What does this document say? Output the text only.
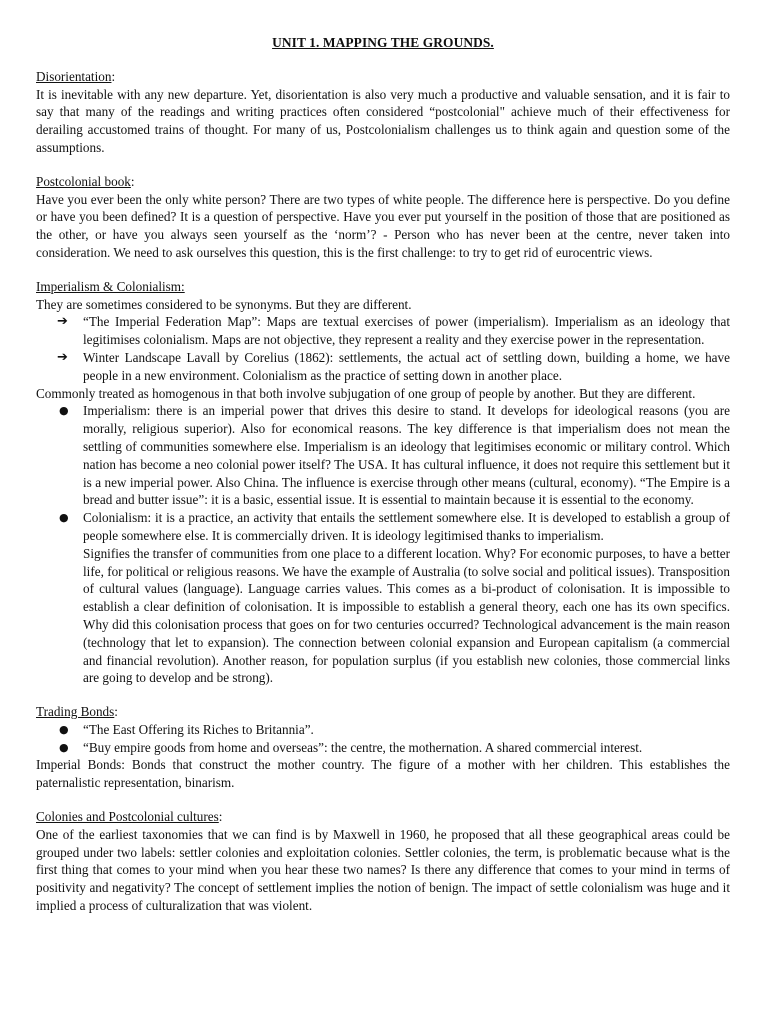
UNIT 1. MAPPING THE GROUNDS.
Disorientation:

It is inevitable with any new departure. Yet, disorientation is also very much a productive and valuable sensation, and it is fair to say that many of the readings and writing practices often considered “postcolonial" achieve much of their effectiveness for derailing accustomed trains of thought. For many of us, Postcolonialism challenges us to think again and question some of the assumptions.

Postcolonial book:

Have you ever been the only white person? There are two types of white people. The difference here is perspective. Do you define or have you been defined? It is a question of perspective. Have you ever put yourself in the position of those that are positioned as the other, or have you always seen yourself as the ‘norm’? - Person who has never been at the centre, never taken into consideration. We need to ask ourselves this question, this is the first challenge: to try to get rid of eurocentric views.

Imperialism & Colonialism:

They are sometimes considered to be synonyms. But they are different.

➔ “The Imperial Federation Map”: Maps are textual exercises of power (imperialism). Imperialism as an ideology that legitimises colonialism. Maps are not objective, they represent a reality and they exercise power in the representation.
➔ Winter Landscape Lavall by Corelius (1862): settlements, the actual act of settling down, building a home, we have people in a new environment. Colonialism as the practice of setting down in another place.

Commonly treated as homogenous in that both involve subjugation of one group of people by another. But they are different.

● Imperialism: there is an imperial power that drives this desire to stand. It develops for ideological reasons (you are morally, religious superior). Also for economical reasons. The key difference is that imperialism does not mean the settling of communities somewhere else. Imperialism is an ideology that legitimises economic or military control. Which nation has become a neo colonial power itself? The USA. It has cultural influence, it does not require this settlement but it is a new imperial power. Also China. The influence is exercise through other means (cultural, economy). “The Empire is a bread and butter issue”: it is a basic, essential issue. It is essential to maintain because it is essential to the economy.
● Colonialism: it is a practice, an activity that entails the settlement somewhere else. It is developed to establish a group of people somewhere else. It is commercially driven. It is ideology legitimised thanks to imperialism.
Signifies the transfer of communities from one place to a different location. Why? For economic purposes, to have a better life, for political or religious reasons. We have the example of Australia (to solve social and political issues). Transposition of cultural values (language). Language carries values. This comes as a bi-product of colonisation. It is impossible to establish a clear definition of colonisation. It is impossible to establish a general theory, each one has its own specifics. Why did this colonisation process that goes on for two centuries occurred? Technological advancement is the main reason (technology that let to expansion). The connection between colonial expansion and European capitalism (a commercial and financial revolution). Another reason, for population surplus (if you establish new colonies, those commercial links are going to develop and be strong).
Trading Bonds:
● “The East Offering its Riches to Britannia”.
● “Buy empire goods from home and overseas”: the centre, the mothernation. A shared commercial interest.

Imperial Bonds: Bonds that construct the mother country. The figure of a mother with her children. This establishes the paternalistic representation, binarism.

Colonies and Postcolonial cultures:

One of the earliest taxonomies that we can find is by Maxwell in 1960, he proposed that all these geographical areas could be grouped under two labels: settler colonies and exploitation colonies. Settler colonies, the term, is problematic because what is the first thing that comes to your mind when you hear these two names? Is there any difference that comes to your mind in terms of positivity and negativity? The concept of settlement implies the notion of benign. The impact of settle colonialism was huge and it implied a process of culturalization that was violent.
